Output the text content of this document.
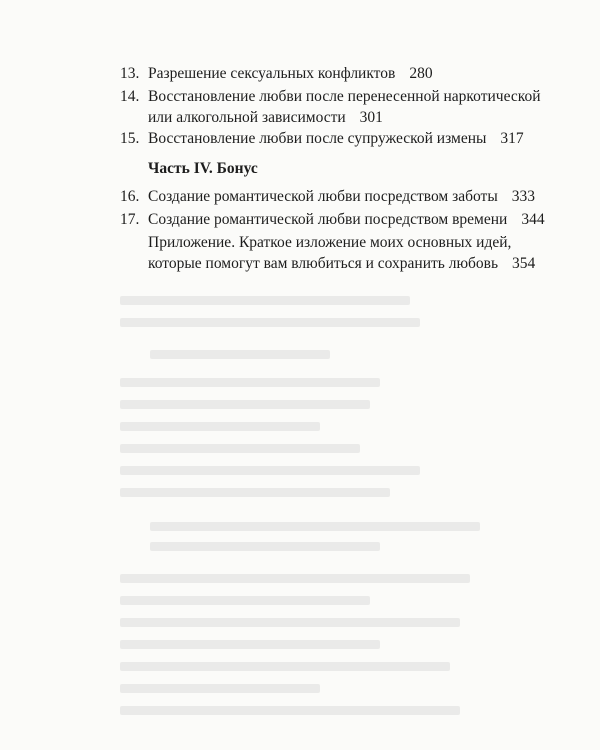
13. Разрешение сексуальных конфликтов 280
14. Восстановление любви после перенесенной наркотической
или алкогольной зависимости 301
15. Восстановление любви после супружеской измены 317
Часть IV. Бонус
16. Создание романтической любви посредством заботы 333
17. Создание романтической любви посредством времени 344
Приложение. Краткое изложение моих основных идей,
которые помогут вам влюбиться и сохранить любовь 354
